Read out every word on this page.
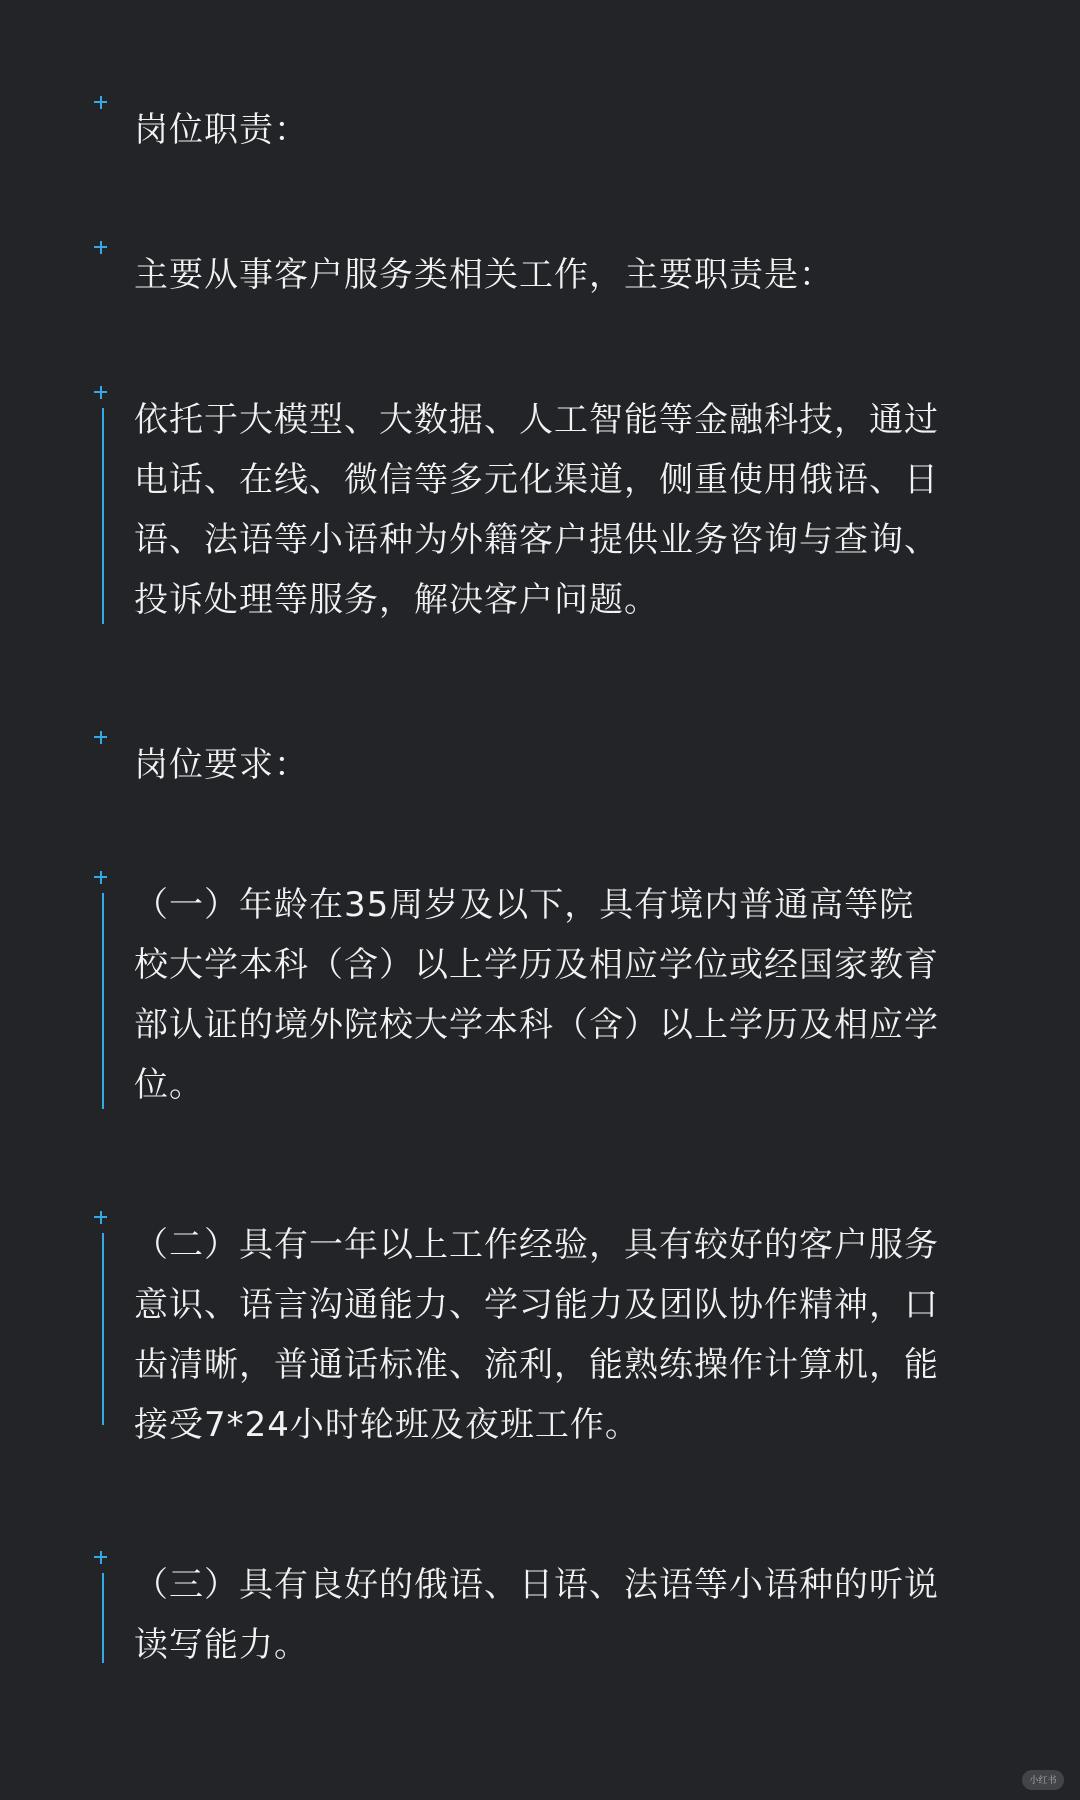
岗位职责：

主要从事客户服务类相关工作，主要职责是：

依托于大模型、大数据、人工智能等金融科技，通过

电话、在线、微信等多元化渠道，侧重使用俄语、日

语、法语等小语种为外籍客户提供业务咨询与查询、

投诉处理等服务，解决客户问题。

岗位要求：

（一）年龄在35周岁及以下，具有境内普通高等院

校大学本科（含）以上学历及相应学位或经国家教育

部认证的境外院校大学本科（含）以上学历及相应学

位。

（二）具有一年以上工作经验，具有较好的客户服务

意识、语言沟通能力、学习能力及团队协作精神，口

齿清晰，普通话标准、流利，能熟练操作计算机，能

接受7*24小时轮班及夜班工作。

（三）具有良好的俄语、日语、法语等小语种的听说

读写能力。

小红书
